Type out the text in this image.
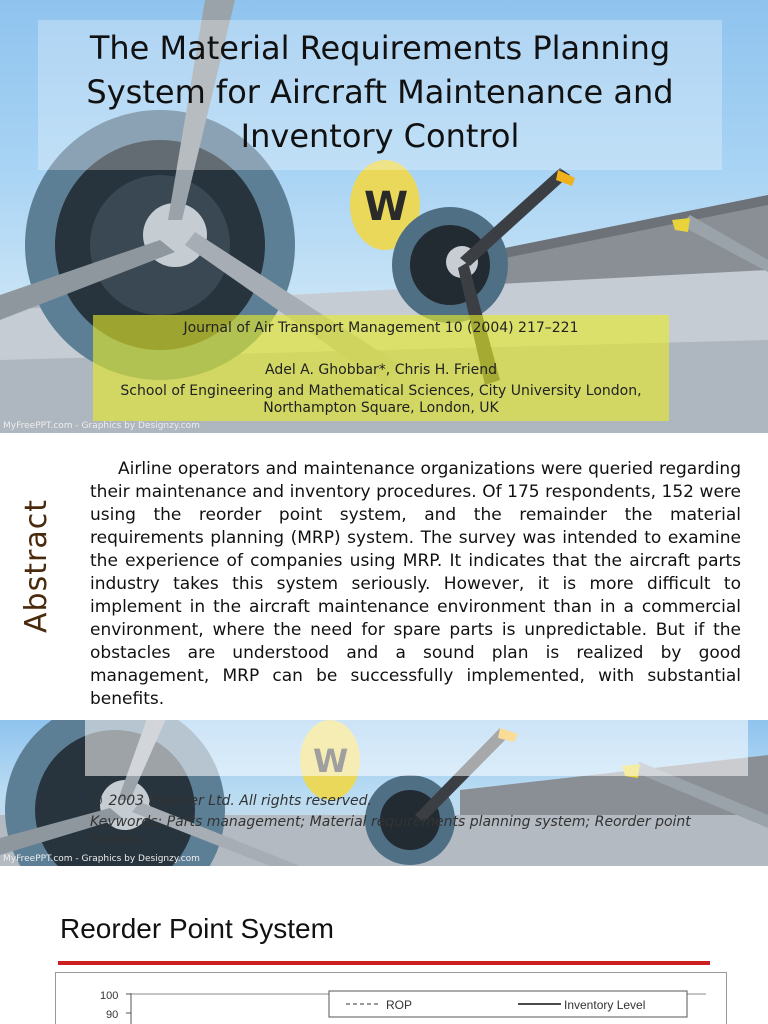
W
The Material Requirements Planning System for Aircraft Maintenance and Inventory Control
Journal of Air Transport Management 10 (2004) 217–221
Adel A. Ghobbar*, Chris H. Friend
School of Engineering and Mathematical Sciences, City University London, Northampton Square, London, UK
MyFreePPT.com - Graphics by Designzy.com
Abstract
Airline operators and maintenance organizations were queried regarding their maintenance and inventory procedures. Of 175 respondents, 152 were using the reorder point system, and the remainder the material requirements planning (MRP) system. The survey was intended to examine the experience of companies using MRP. It indicates that the aircraft parts industry takes this system seriously. However, it is more difficult to implement in the aircraft maintenance environment than in a commercial environment, where the need for spare parts is unpredictable. But if the obstacles are understood and a sound plan is realized by good management, MRP can be successfully implemented, with substantial benefits.
© 2003 Elsevier Ltd. All rights reserved.
Keywords: Parts management; Material requirements planning system; Reorder point system
MyFreePPT.com - Graphics by Designzy.com
Reorder Point System
100
90
ROP	Inventory Level
